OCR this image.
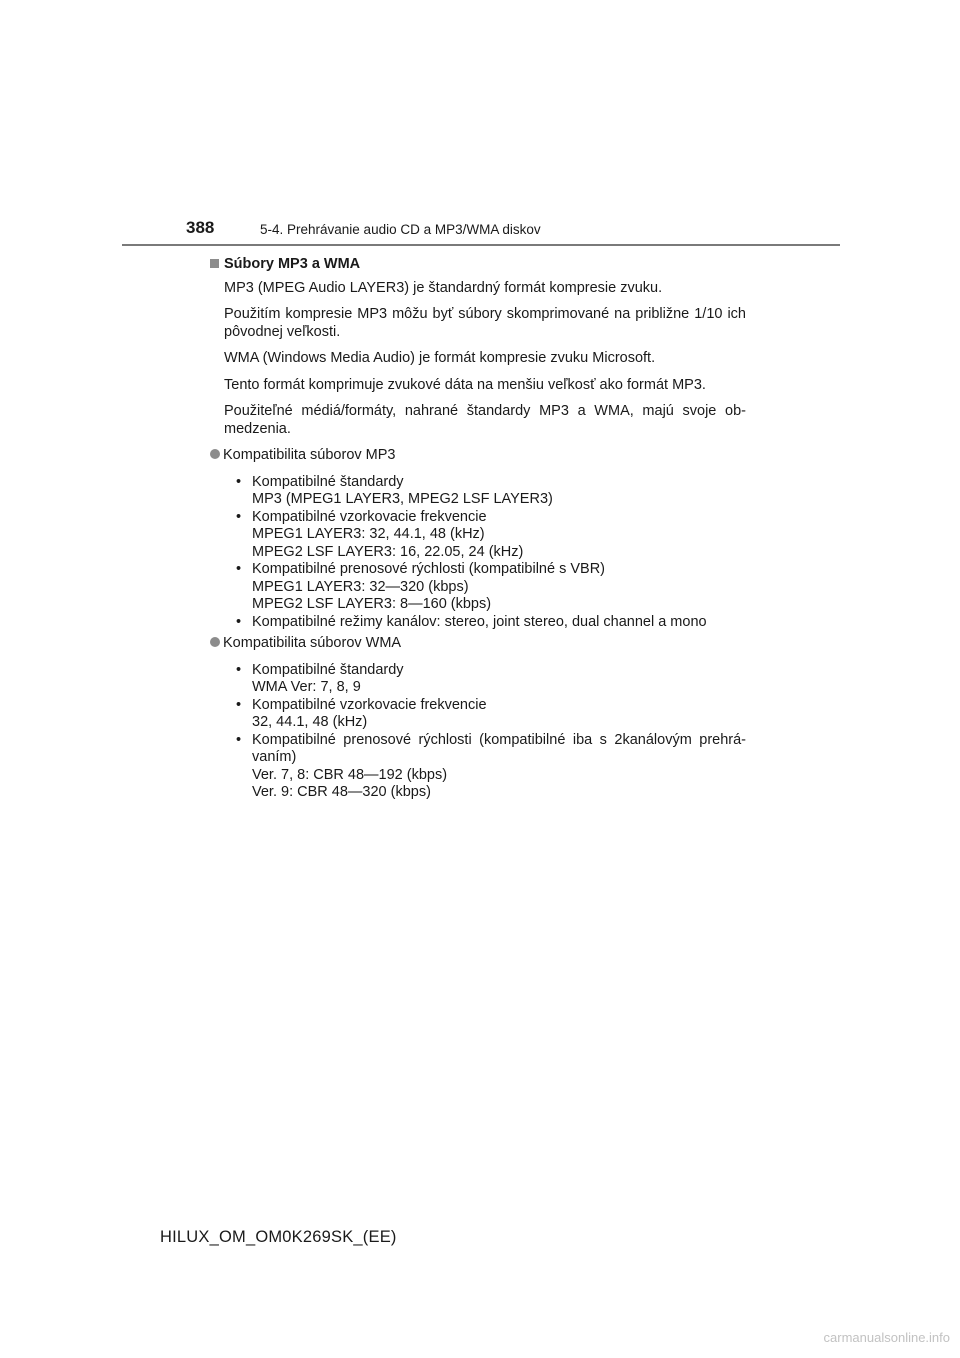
388	5-4. Prehrávanie audio CD a MP3/WMA diskov
Súbory MP3 a WMA
MP3 (MPEG Audio LAYER3) je štandardný formát kompresie zvuku.
Použitím kompresie MP3 môžu byť súbory skomprimované na približne 1/10 ich pôvodnej veľkosti.
WMA (Windows Media Audio) je formát kompresie zvuku Microsoft.
Tento formát komprimuje zvukové dáta na menšiu veľkosť ako formát MP3.
Použiteľné médiá/formáty, nahrané štandardy MP3 a WMA, majú svoje ob-medzenia.
Kompatibilita súborov MP3
• Kompatibilné štandardy
MP3 (MPEG1 LAYER3, MPEG2 LSF LAYER3)
• Kompatibilné vzorkovacie frekvencie
MPEG1 LAYER3: 32, 44.1, 48 (kHz)
MPEG2 LSF LAYER3: 16, 22.05, 24 (kHz)
• Kompatibilné prenosové rýchlosti (kompatibilné s VBR)
MPEG1 LAYER3: 32—320 (kbps)
MPEG2 LSF LAYER3: 8—160 (kbps)
• Kompatibilné režimy kanálov: stereo, joint stereo, dual channel a mono
Kompatibilita súborov WMA
• Kompatibilné štandardy
WMA Ver: 7, 8, 9
• Kompatibilné vzorkovacie frekvencie
32, 44.1, 48 (kHz)
• Kompatibilné prenosové rýchlosti (kompatibilné iba s 2kanálovým prehrá-vaním)
Ver. 7, 8: CBR 48—192 (kbps)
Ver. 9: CBR 48—320 (kbps)
HILUX_OM_OM0K269SK_(EE)
carmanualsonline.info
